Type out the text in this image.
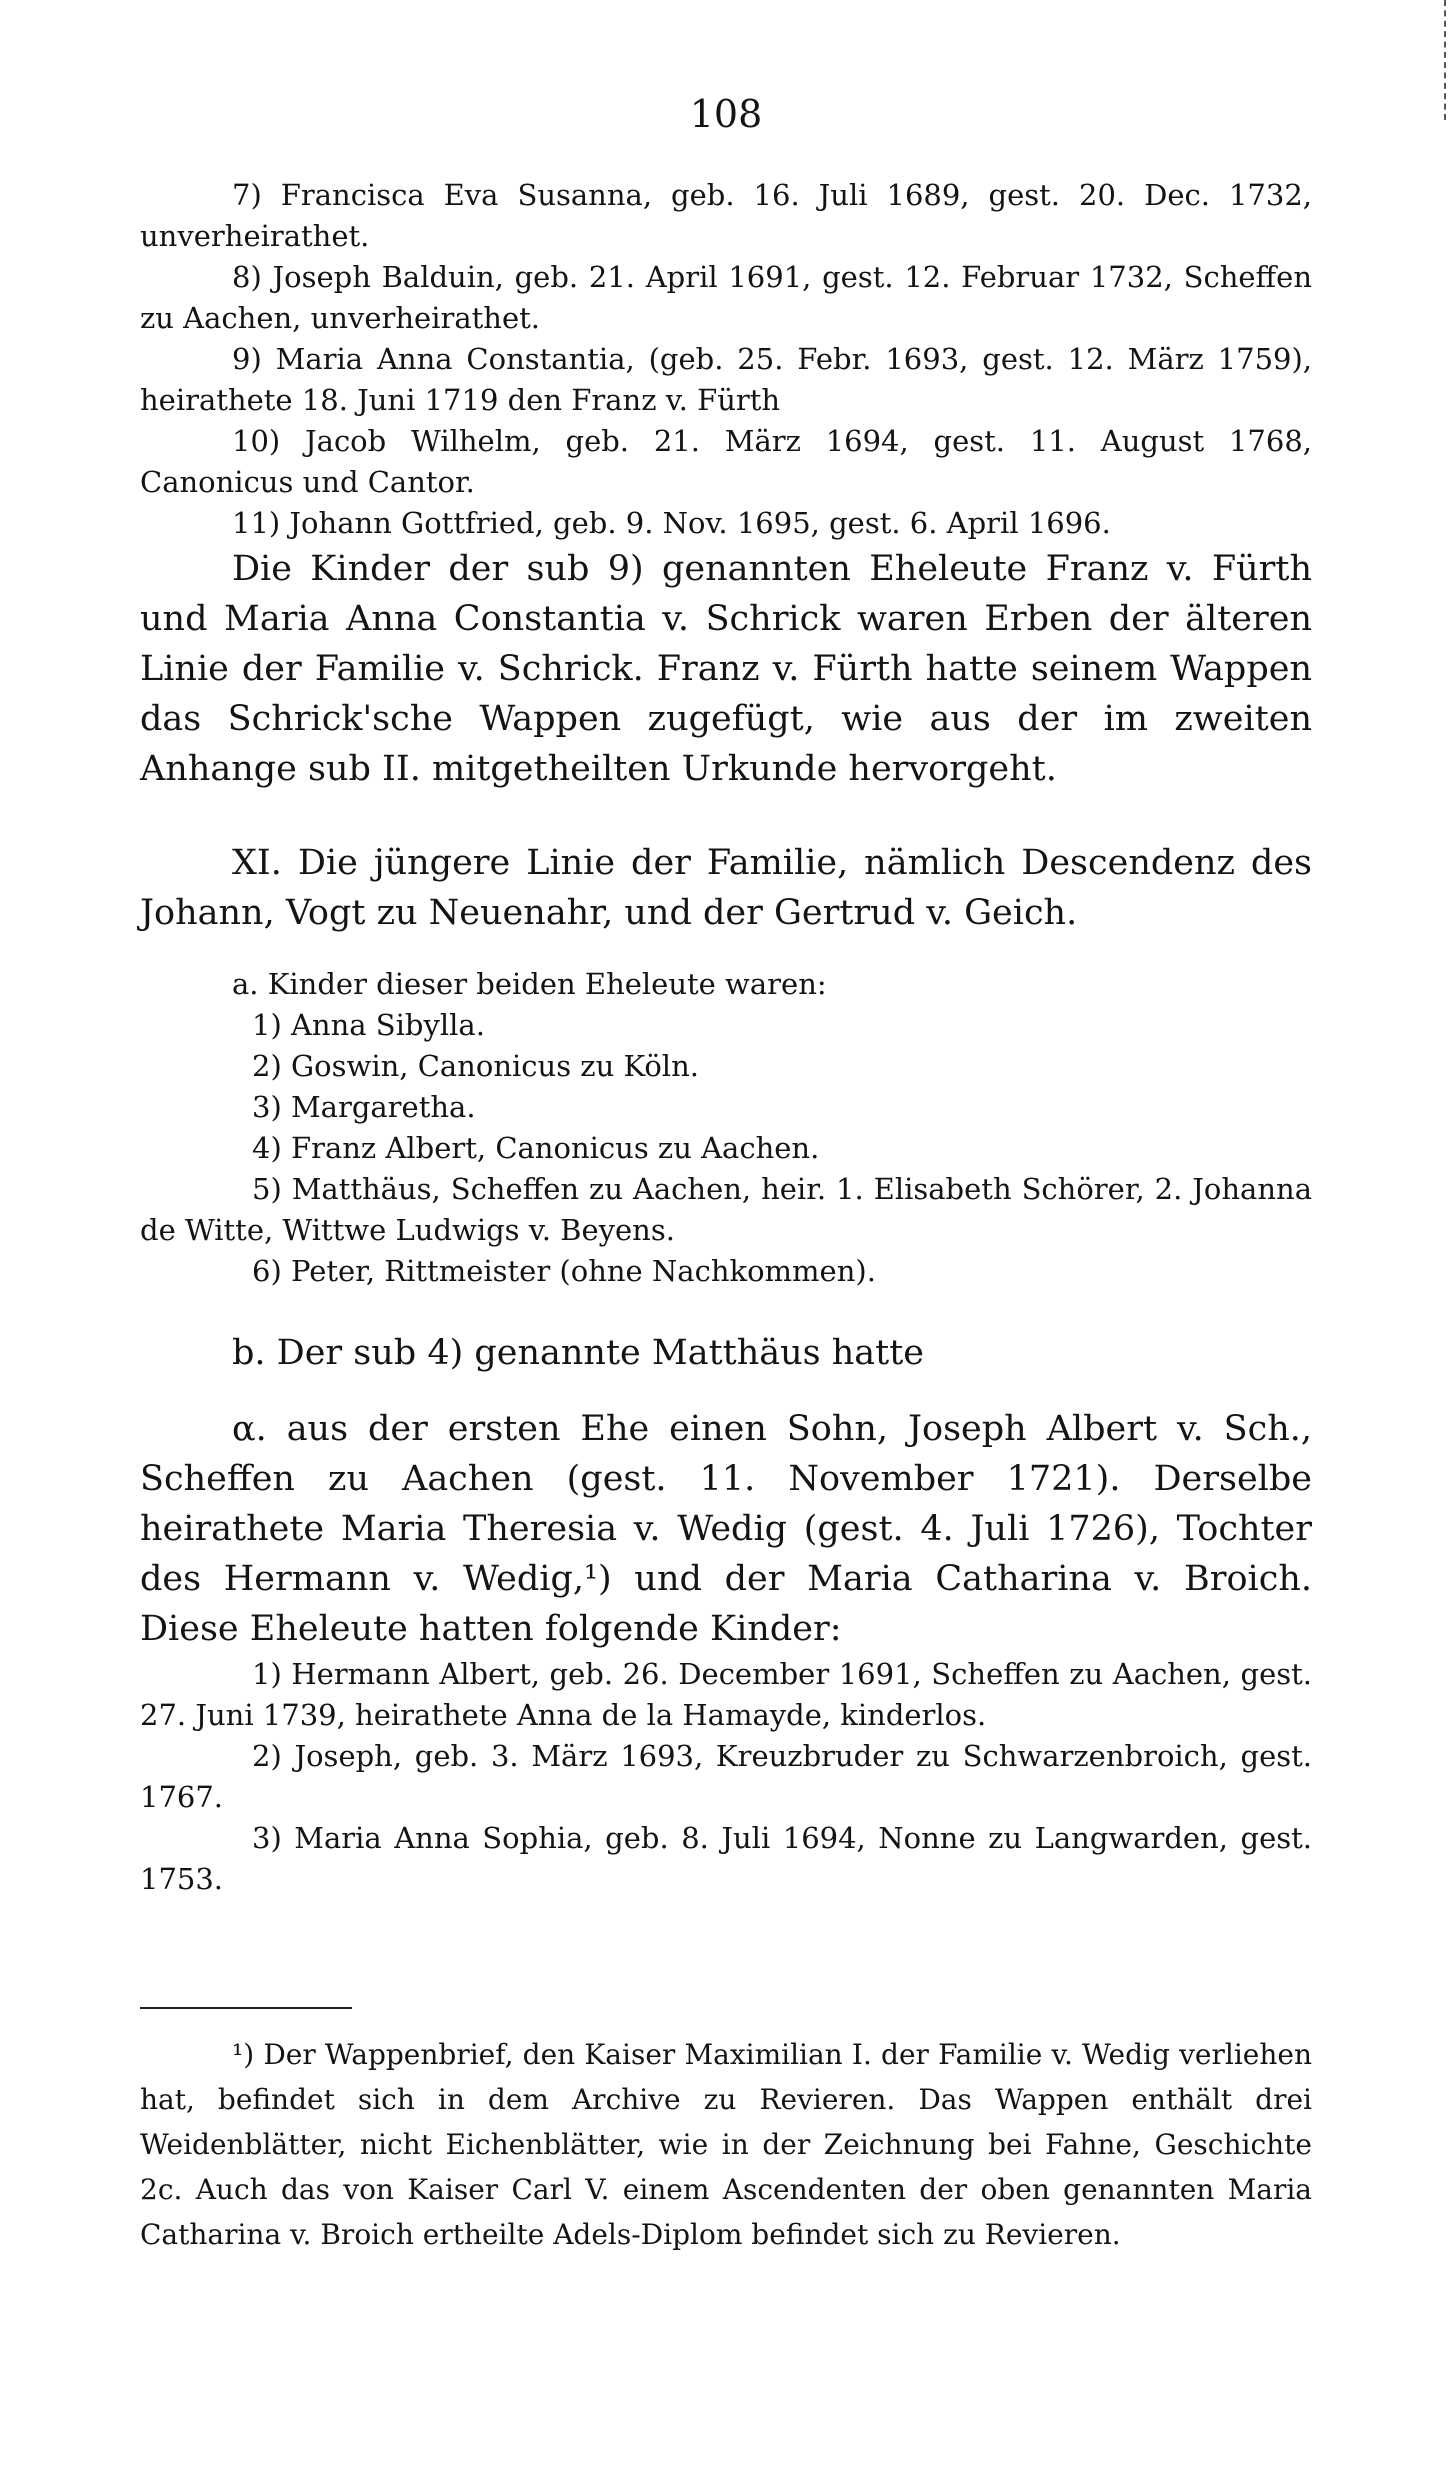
108

7) Francisca Eva Susanna, geb. 16. Juli 1689, gest. 20. Dec. 1732, unverheirathet.

8) Joseph Balduin, geb. 21. April 1691, gest. 12. Februar 1732, Scheffen zu Aachen, unverheirathet.

9) Maria Anna Constantia, (geb. 25. Febr. 1693, gest. 12. März 1759), heirathete 18. Juni 1719 den Franz v. Fürth

10) Jacob Wilhelm, geb. 21. März 1694, gest. 11. August 1768, Canonicus und Cantor.

11) Johann Gottfried, geb. 9. Nov. 1695, gest. 6. April 1696.

Die Kinder der sub 9) genannten Eheleute Franz v. Fürth und Maria Anna Constantia v. Schrick waren Erben der älteren Linie der Familie v. Schrick. Franz v. Fürth hatte seinem Wappen das Schrick'sche Wappen zugefügt, wie aus der im zweiten Anhange sub II. mitgetheilten Urkunde hervorgeht.

XI. Die jüngere Linie der Familie, nämlich Descendenz des Johann, Vogt zu Neuenahr, und der Gertrud v. Geich.

a. Kinder dieser beiden Eheleute waren:

1) Anna Sibylla.

2) Goswin, Canonicus zu Köln.

3) Margaretha.

4) Franz Albert, Canonicus zu Aachen.

5) Matthäus, Scheffen zu Aachen, heir. 1. Elisabeth Schörer, 2. Johanna de Witte, Wittwe Ludwigs v. Beyens.

6) Peter, Rittmeister (ohne Nachkommen).

b. Der sub 4) genannte Matthäus hatte

α. aus der ersten Ehe einen Sohn, Joseph Albert v. Sch., Scheffen zu Aachen (gest. 11. November 1721). Derselbe heirathete Maria Theresia v. Wedig (gest. 4. Juli 1726), Tochter des Hermann v. Wedig,¹) und der Maria Catharina v. Broich. Diese Eheleute hatten folgende Kinder:

1) Hermann Albert, geb. 26. December 1691, Scheffen zu Aachen, gest. 27. Juni 1739, heirathete Anna de la Hamayde, kinderlos.

2) Joseph, geb. 3. März 1693, Kreuzbruder zu Schwarzenbroich, gest. 1767.

3) Maria Anna Sophia, geb. 8. Juli 1694, Nonne zu Langwarden, gest. 1753.

¹) Der Wappenbrief, den Kaiser Maximilian I. der Familie v. Wedig verliehen hat, befindet sich in dem Archive zu Revieren. Das Wappen enthält drei Weidenblätter, nicht Eichenblätter, wie in der Zeichnung bei Fahne, Geschichte 2c. Auch das von Kaiser Carl V. einem Ascendenten der oben genannten Maria Catharina v. Broich ertheilte Adels-Diplom befindet sich zu Revieren.
